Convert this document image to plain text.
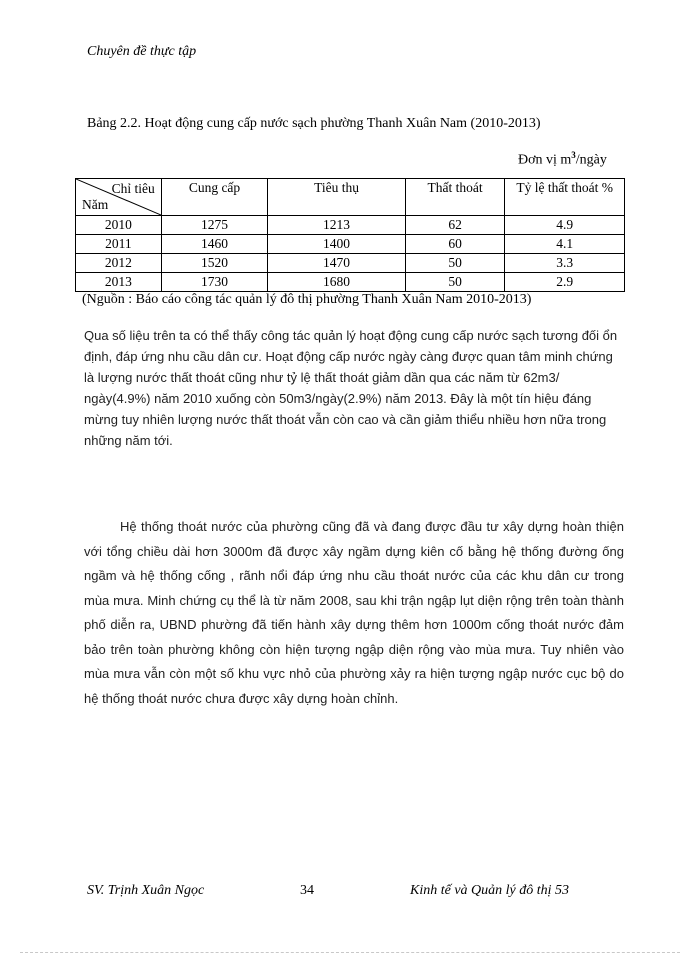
Chuyên đề thực tập
Bảng 2.2. Hoạt động cung cấp nước sạch phường Thanh Xuân Nam (2010-2013)
Đơn vị $m^3$/ngày
Chỉ tiêu
Năm	Cung cấp	Tiêu thụ	Thất thoát	Tỷ lệ thất thoát %
2010	1275	1213	62	4.9
2011	1460	1400	60	4.1
2012	1520	1470	50	3.3
2013	1730	1680	50	2.9
(Nguồn : Báo cáo công tác quản lý đô thị phường Thanh Xuân Nam 2010-2013)
Qua số liệu trên ta có thể thấy công tác quản lý hoạt động cung cấp nước sạch tương đối ổn định, đáp ứng nhu cầu dân cư. Hoạt động cấp nước ngày càng được quan tâm minh chứng là lượng nước thất thoát cũng như tỷ lệ thất thoát giảm dần qua các năm từ 62m3/ ngày(4.9%) năm 2010 xuống còn 50m3/ngày(2.9%) năm 2013. Đây là một tín hiệu đáng mừng tuy nhiên lượng nước thất thoát vẫn còn cao và cần giảm thiểu nhiều hơn nữa trong những năm tới.
Hệ thống thoát nước của phường cũng đã và đang được đầu tư xây dựng hoàn thiện với tổng chiều dài hơn 3000m đã được xây ngầm dựng kiên cố bằng hệ thống đường ống ngầm và hệ thống cống , rãnh nổi đáp ứng nhu cầu thoát nước của các khu dân cư trong mùa mưa. Minh chứng cụ thể là từ năm 2008, sau khi trận ngập lụt diện rộng trên toàn thành phố diễn ra, UBND phường đã tiến hành xây dựng thêm hơn 1000m cống thoát nước đảm bảo trên toàn phường không còn hiện tượng ngập diện rộng vào mùa mưa. Tuy nhiên vào mùa mưa vẫn còn một số khu vực nhỏ của phường xảy ra hiện tượng ngập nước cục bộ do hệ thống thoát nước chưa được xây dựng hoàn chỉnh.
SV. Trịnh Xuân Ngọc	34	Kinh tế và Quản lý đô thị 53
